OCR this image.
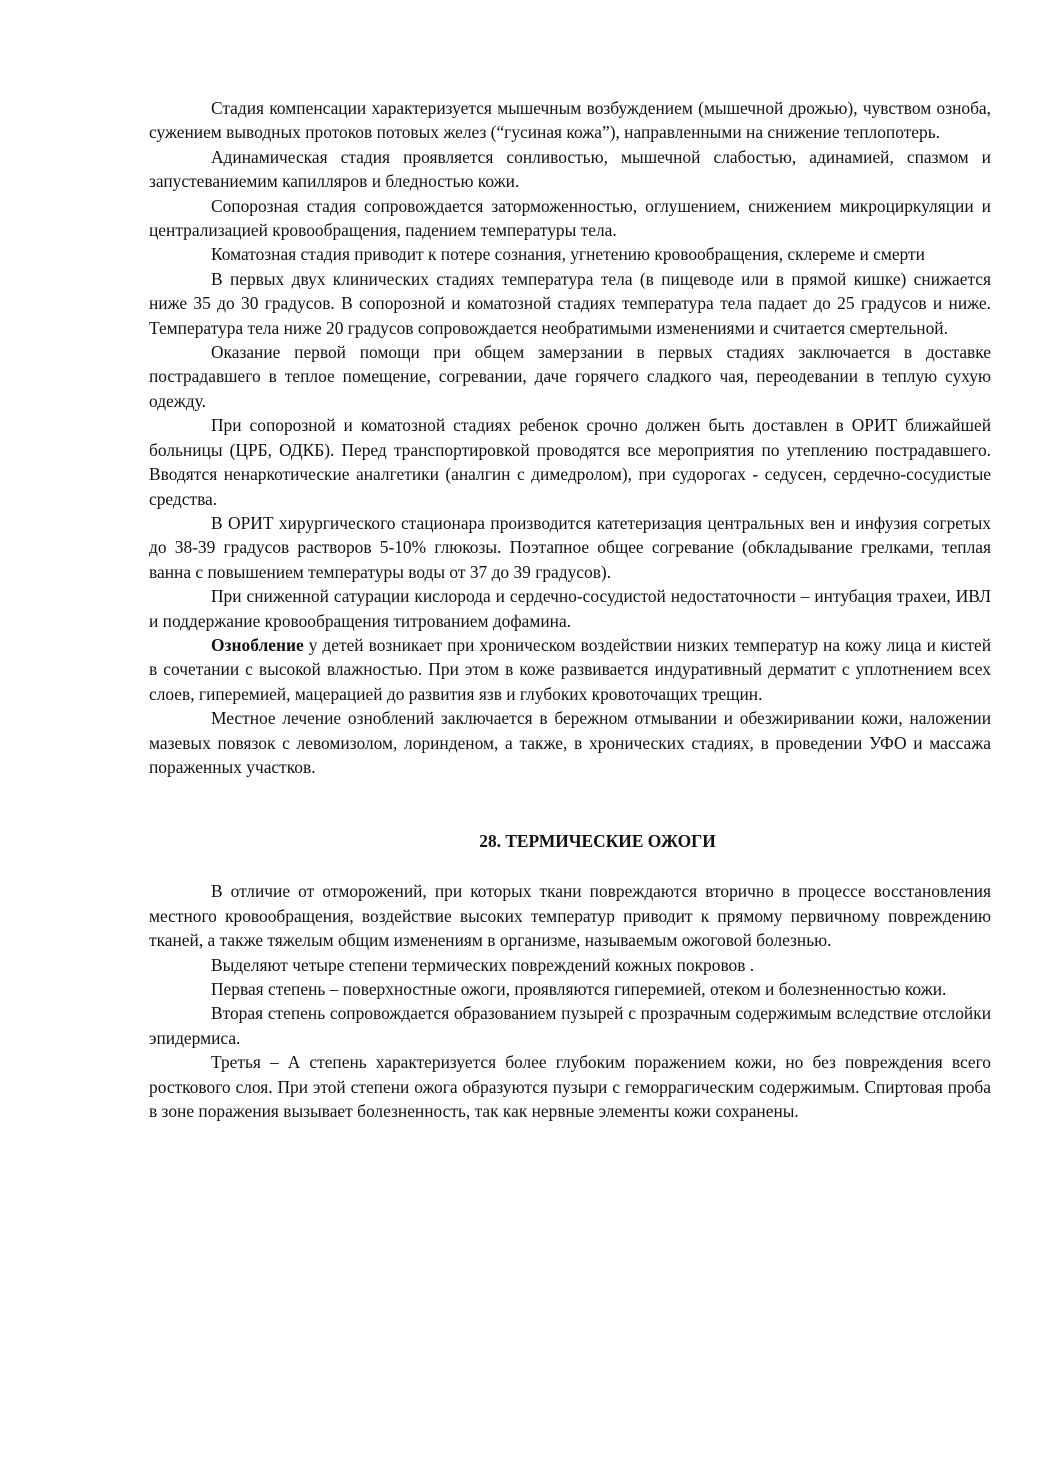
Стадия компенсации характеризуется мышечным возбуждением (мышечной дрожью), чувством озноба, сужением выводных протоков потовых желез (“гусиная кожа”), направленными на снижение теплопотерь.

Адинамическая стадия проявляется сонливостью, мышечной слабостью, адинамией, спазмом и запустеваниемим капилляров и бледностью кожи.

Сопорозная стадия сопровождается заторможенностью, оглушением, снижением микроциркуляции и централизацией кровообращения, падением температуры тела.

Коматозная стадия приводит к потере сознания, угнетению кровообращения, склереме и смерти

В первых двух клинических стадиях температура тела (в пищеводе или в прямой кишке) снижается ниже 35 до 30 градусов. В сопорозной и коматозной стадиях температура тела падает до 25 градусов и ниже. Температура тела ниже 20 градусов сопровождается необратимыми изменениями и считается смертельной.

Оказание первой помощи при общем замерзании в первых стадиях заключается в доставке пострадавшего в теплое помещение, согревании, даче горячего сладкого чая, переодевании в теплую сухую одежду.

При сопорозной и коматозной стадиях ребенок срочно должен быть доставлен в ОРИТ ближайшей больницы (ЦРБ, ОДКБ). Перед транспортировкой проводятся все мероприятия по утеплению пострадавшего. Вводятся ненаркотические аналгетики (аналгин с димедролом), при судорогах - седусен, сердечно-сосудистые средства.

В ОРИТ хирургического стационара производится катетеризация центральных вен и инфузия согретых до 38-39 градусов растворов 5-10% глюкозы. Поэтапное общее согревание (обкладывание грелками, теплая ванна с повышением температуры воды от 37 до 39 градусов).

При сниженной сатурации кислорода и сердечно-сосудистой недостаточности – интубация трахеи, ИВЛ и поддержание кровообращения титрованием дофамина.

Ознобление у детей возникает при хроническом воздействии низких температур на кожу лица и кистей в сочетании с высокой влажностью. При этом в коже развивается индуративный дерматит с уплотнением всех слоев, гиперемией, мацерацией до развития язв и глубоких кровоточащих трещин.

Местное лечение озноблений заключается в бережном отмывании и обезжиривании кожи, наложении мазевых повязок с левомизолом, лоринденом, а также, в хронических стадиях, в проведении УФО и массажа пораженных участков.

28. ТЕРМИЧЕСКИЕ ОЖОГИ

В отличие от отморожений, при которых ткани повреждаются вторично в процессе восстановления местного кровообращения, воздействие высоких температур приводит к прямому первичному повреждению тканей, а также тяжелым общим изменениям в организме, называемым ожоговой болезнью.

Выделяют четыре степени термических повреждений кожных покровов .

Первая степень – поверхностные ожоги, проявляются гиперемией, отеком и болезненностью кожи.

Вторая степень сопровождается образованием пузырей с прозрачным содержимым вследствие отслойки эпидермиса.

Третья – А степень характеризуется более глубоким поражением кожи, но без повреждения всего росткового слоя. При этой степени ожога образуются пузыри с геморрагическим содержимым. Спиртовая проба в зоне поражения вызывает болезненность, так как нервные элементы кожи сохранены.
